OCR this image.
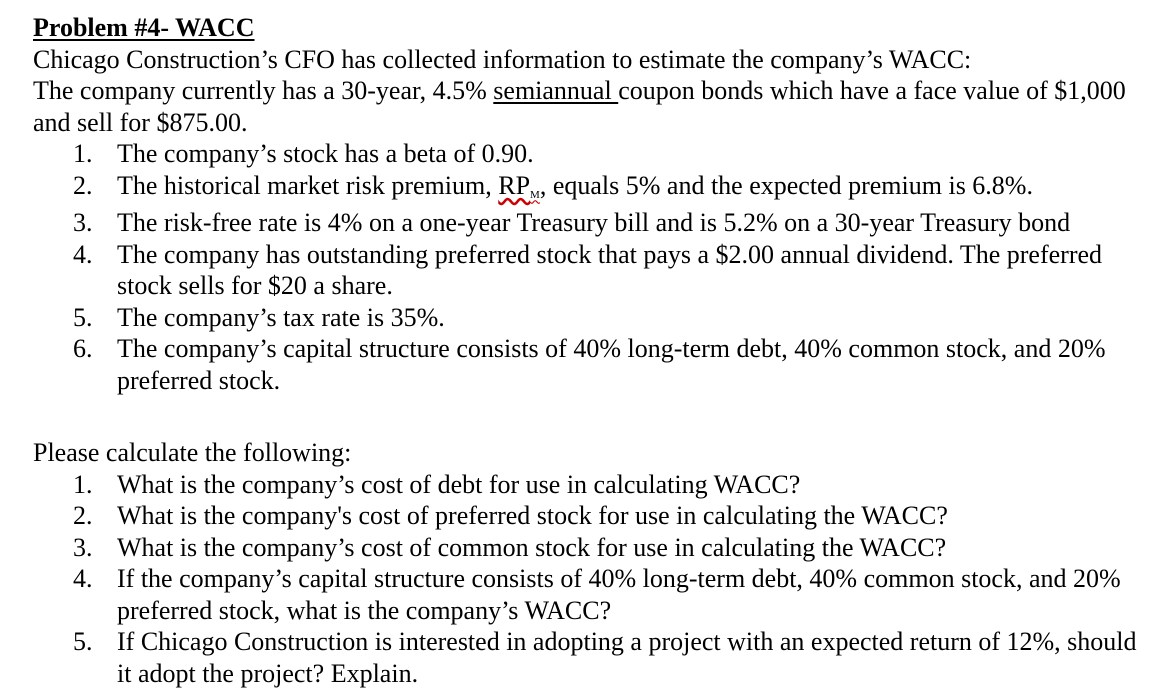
Problem #4- WACC

Chicago Construction’s CFO has collected information to estimate the company’s WACC:

The company currently has a 30-year, 4.5% semiannual coupon bonds which have a face value of $1,000 and sell for $875.00.

1. The company’s stock has a beta of 0.90.
2. The historical market risk premium, RPM, equals 5% and the expected premium is 6.8%.
3. The risk-free rate is 4% on a one-year Treasury bill and is 5.2% on a 30-year Treasury bond
4. The company has outstanding preferred stock that pays a $2.00 annual dividend. The preferred stock sells for $20 a share.
5. The company’s tax rate is 35%.
6. The company’s capital structure consists of 40% long-term debt, 40% common stock, and 20% preferred stock.

Please calculate the following:

1. What is the company’s cost of debt for use in calculating WACC?
2. What is the company's cost of preferred stock for use in calculating the WACC?
3. What is the company’s cost of common stock for use in calculating the WACC?
4. If the company’s capital structure consists of 40% long-term debt, 40% common stock, and 20% preferred stock, what is the company’s WACC?
5. If Chicago Construction is interested in adopting a project with an expected return of 12%, should it adopt the project? Explain.
